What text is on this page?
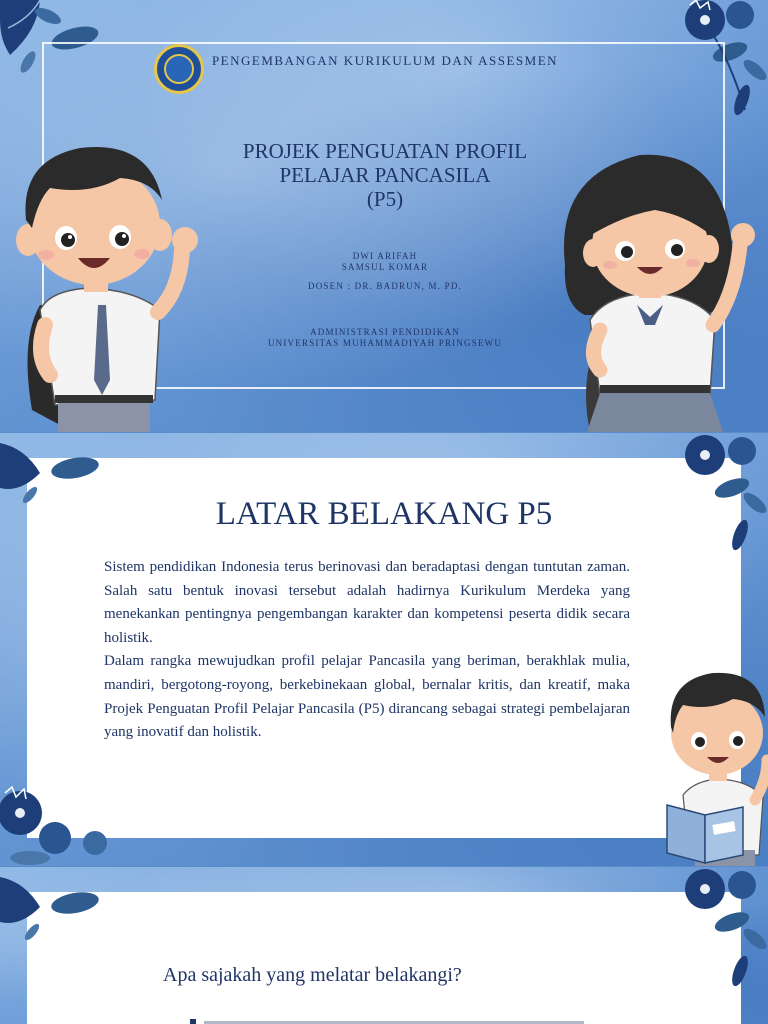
PENGEMBANGAN KURIKULUM DAN ASSESMEN
PROJEK PENGUATAN PROFIL
PELAJAR PANCASILA
(P5)
DWI ARIFAH
SAMSUL KOMAR
DOSEN : DR. BADRUN, M. PD.
ADMINISTRASI PENDIDIKAN
UNIVERSITAS MUHAMMADIYAH PRINGSEWU
LATAR BELAKANG P5

Sistem pendidikan Indonesia terus berinovasi dan beradaptasi dengan tuntutan zaman. Salah satu bentuk inovasi tersebut adalah hadirnya Kurikulum Merdeka yang menekankan pentingnya pengembangan karakter dan kompetensi peserta didik secara holistik.

Dalam rangka mewujudkan profil pelajar Pancasila yang beriman, berakhlak mulia, mandiri, bergotong-royong, berkebinekaan global, bernalar kritis, dan kreatif, maka Projek Penguatan Profil Pelajar Pancasila (P5) dirancang sebagai strategi pembelajaran yang inovatif dan holistik.

Apa sajakah yang melatar belakangi?
